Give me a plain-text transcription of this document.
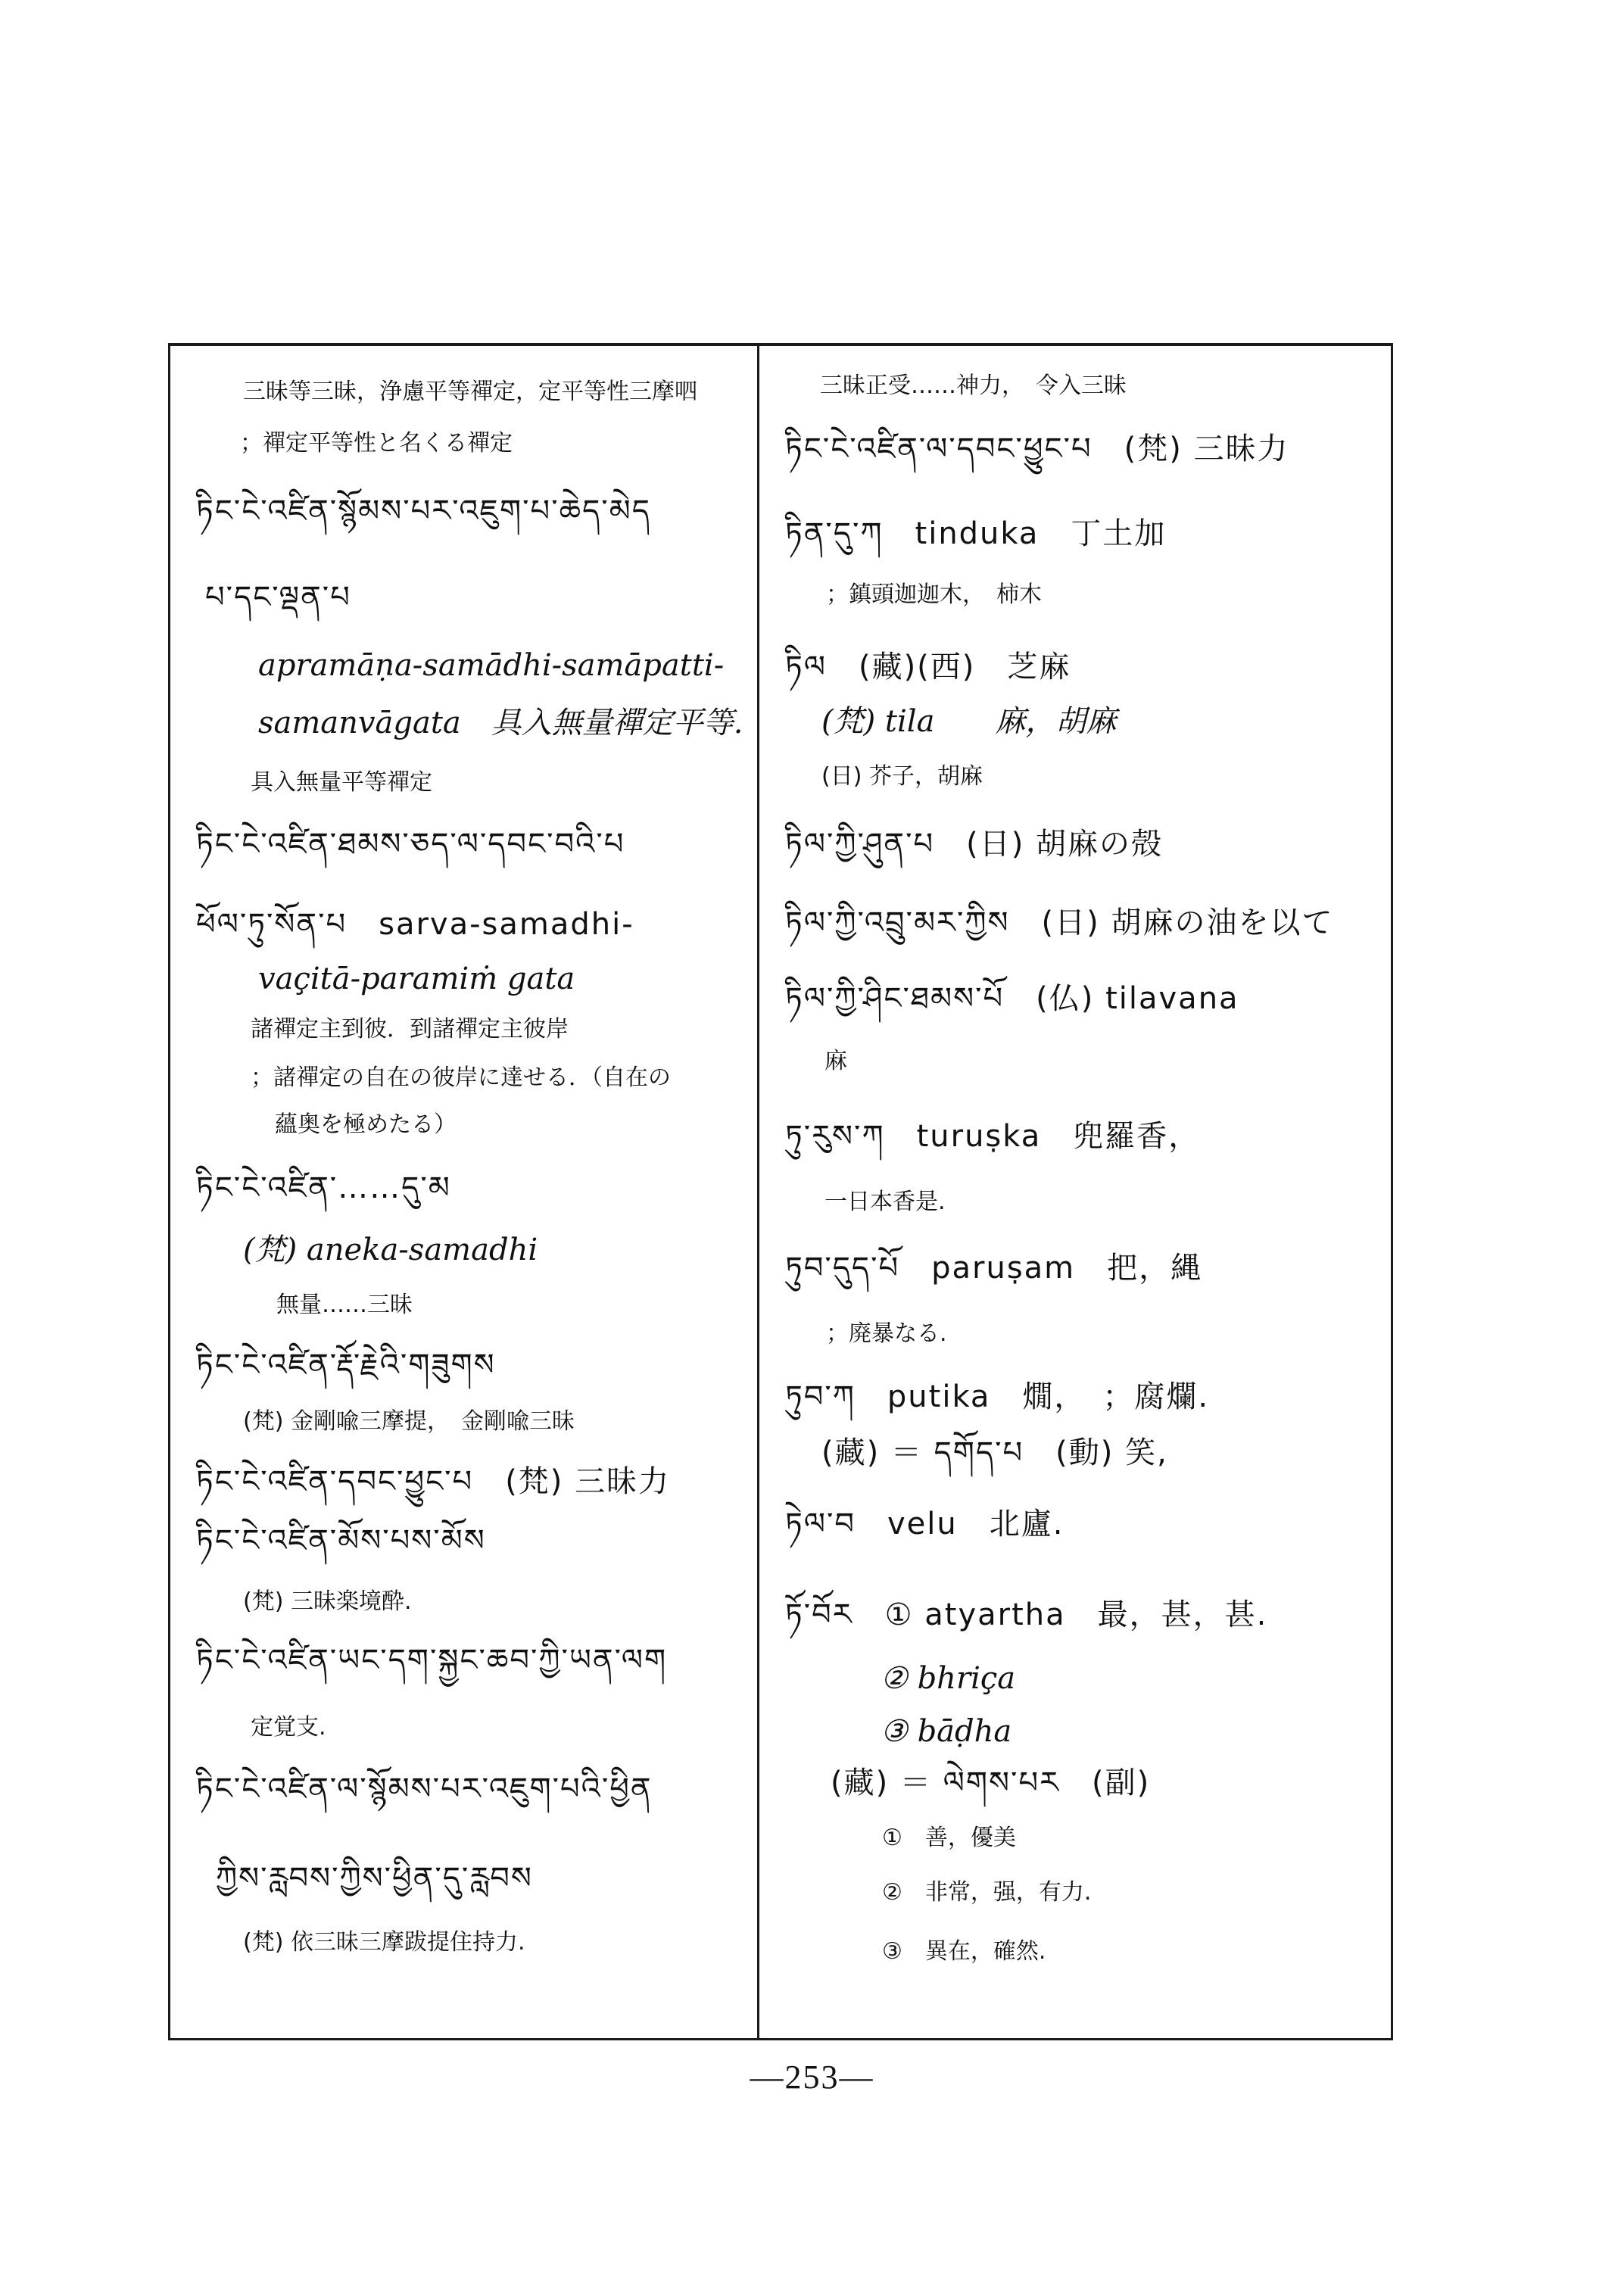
三昧等三昧，浄慮平等禪定，定平等性三摩呬
；禪定平等性と名くる禪定
ཏིང་ངེ་འཛིན་སྙོམས་པར་འཇུག་པ་ཆེད་མེད
པ་དང་ལྡན་པ
apramāṇa-samādhi-samāpatti-
samanvāgata　具入無量禪定平等.
具入無量平等禪定
ཏིང་ངེ་འཛིན་ཐམས་ཅད་ལ་དབང་བའི་པ
ཕོལ་ཏུ་སོན་པ　sarva-samadhi-
vaçitā-paramiṁ gata
諸禪定主到彼．到諸禪定主彼岸
；諸禪定の自在の彼岸に達せる．（自在の
蘊奥を極めたる）
ཏིང་ངེ་འཛིན་……དུ་མ
(梵) aneka-samadhi
無量……三昧
ཏིང་ངེ་འཛིན་རྡོ་རྗེའི་གཟུགས
(梵) 金剛喩三摩提，　金剛喩三昧
ཏིང་ངེ་འཛིན་དབང་ཕྱུང་པ　(梵) 三昧力
ཏིང་ངེ་འཛིན་མོས་པས་མོས
(梵) 三昧楽境酔.
ཏིང་ངེ་འཛིན་ཡང་དག་སྐྱང་ཆབ་ཀྱི་ཡན་ལག
定覚支.
ཏིང་ངེ་འཛིན་ལ་སྙོམས་པར་འཇུག་པའི་ཕྱིན
ཀྱིས་རླབས་ཀྱིས་ཕྱིན་དུ་རླབས
(梵) 依三昧三摩跋提住持力.
三昧正受……神力，　令入三昧
ཏིང་ངེ་འཛིན་ལ་དབང་ཕྱུང་པ　(梵) 三昧力
ཏིན་དུ་ཀ　tinduka　丁土加
；鎮頭迦迦木，　柿木
ཏིལ　(藏)(西)　芝麻
(梵) tila　　麻，胡麻
(日) 芥子，胡麻
ཏིལ་ཀྱི་ཤུན་པ　(日) 胡麻の殻
ཏིལ་ཀྱི་འབྲུ་མར་ཀྱིས　(日) 胡麻の油を以て
ཏིལ་ཀྱི་ཤིང་ཐམས་པོ　(仏) tilavana
麻
ཏུ་རུས་ཀ　turuṣka　兜羅香，
一日本香是.
ཏུབ་དུད་པོ　paruṣam　把，縄
；廃暴なる.
ཏུབ་ཀ　putika　燗，　；腐爛.
(藏) ＝ དགོད་པ　(動) 笑,
ཏེལ་བ　velu　北廬.
ཏོ་བོར　① atyartha　最，甚，甚.
② bhriça
③ bāḍha
(藏) ＝ ལེགས་པར　(副)
①　善，優美
②　非常，强，有力.
③　異在，確然.
—253—
